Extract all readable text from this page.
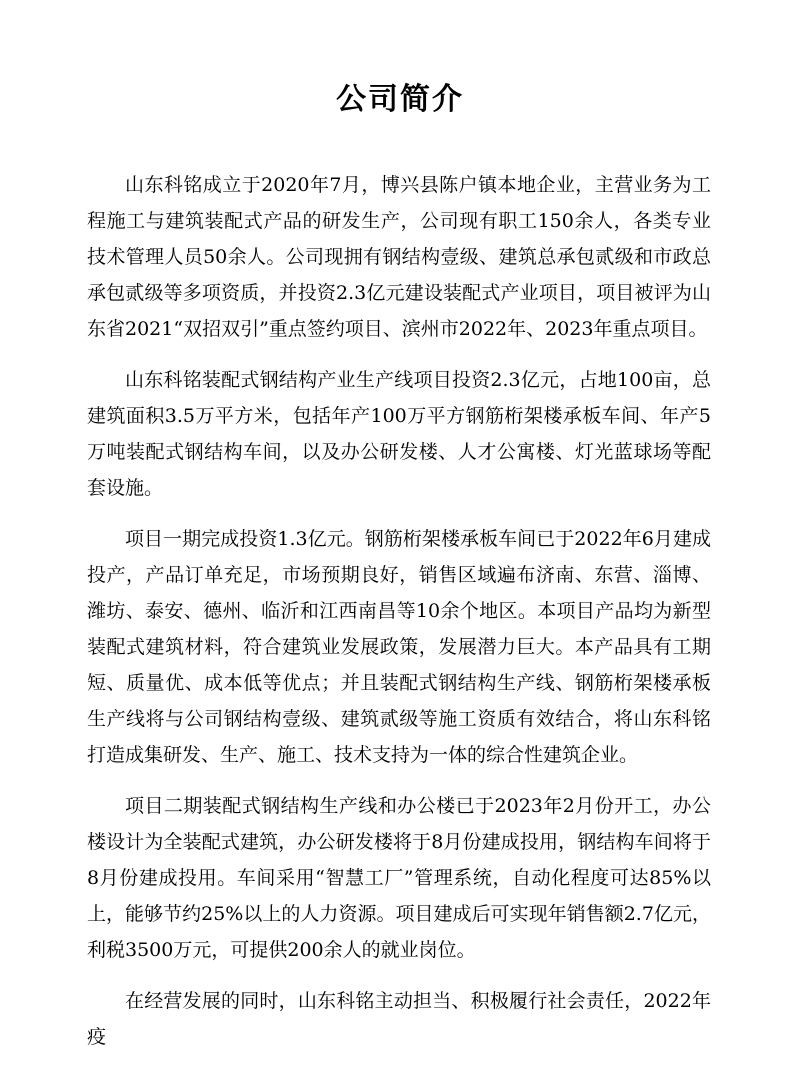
公司简介

山东科铭成立于2020年7月，博兴县陈户镇本地企业，主营业务为工程施工与建筑装配式产品的研发生产，公司现有职工150余人，各类专业技术管理人员50余人。公司现拥有钢结构壹级、建筑总承包贰级和市政总承包贰级等多项资质，并投资2.3亿元建设装配式产业项目，项目被评为山东省2021“双招双引”重点签约项目、滨州市2022年、2023年重点项目。

山东科铭装配式钢结构产业生产线项目投资2.3亿元，占地100亩，总建筑面积3.5万平方米，包括年产100万平方钢筋桁架楼承板车间、年产5万吨装配式钢结构车间，以及办公研发楼、人才公寓楼、灯光蓝球场等配套设施。

项目一期完成投资1.3亿元。钢筋桁架楼承板车间已于2022年6月建成投产，产品订单充足，市场预期良好，销售区域遍布济南、东营、淄博、潍坊、泰安、德州、临沂和江西南昌等10余个地区。本项目产品均为新型装配式建筑材料，符合建筑业发展政策，发展潜力巨大。本产品具有工期短、质量优、成本低等优点；并且装配式钢结构生产线、钢筋桁架楼承板生产线将与公司钢结构壹级、建筑贰级等施工资质有效结合，将山东科铭打造成集研发、生产、施工、技术支持为一体的综合性建筑企业。

项目二期装配式钢结构生产线和办公楼已于2023年2月份开工，办公楼设计为全装配式建筑，办公研发楼将于8月份建成投用，钢结构车间将于8月份建成投用。车间采用“智慧工厂”管理系统，自动化程度可达85%以上，能够节约25%以上的人力资源。项目建成后可实现年销售额2.7亿元，利税3500万元，可提供200余人的就业岗位。

在经营发展的同时，山东科铭主动担当、积极履行社会责任，2022年疫
